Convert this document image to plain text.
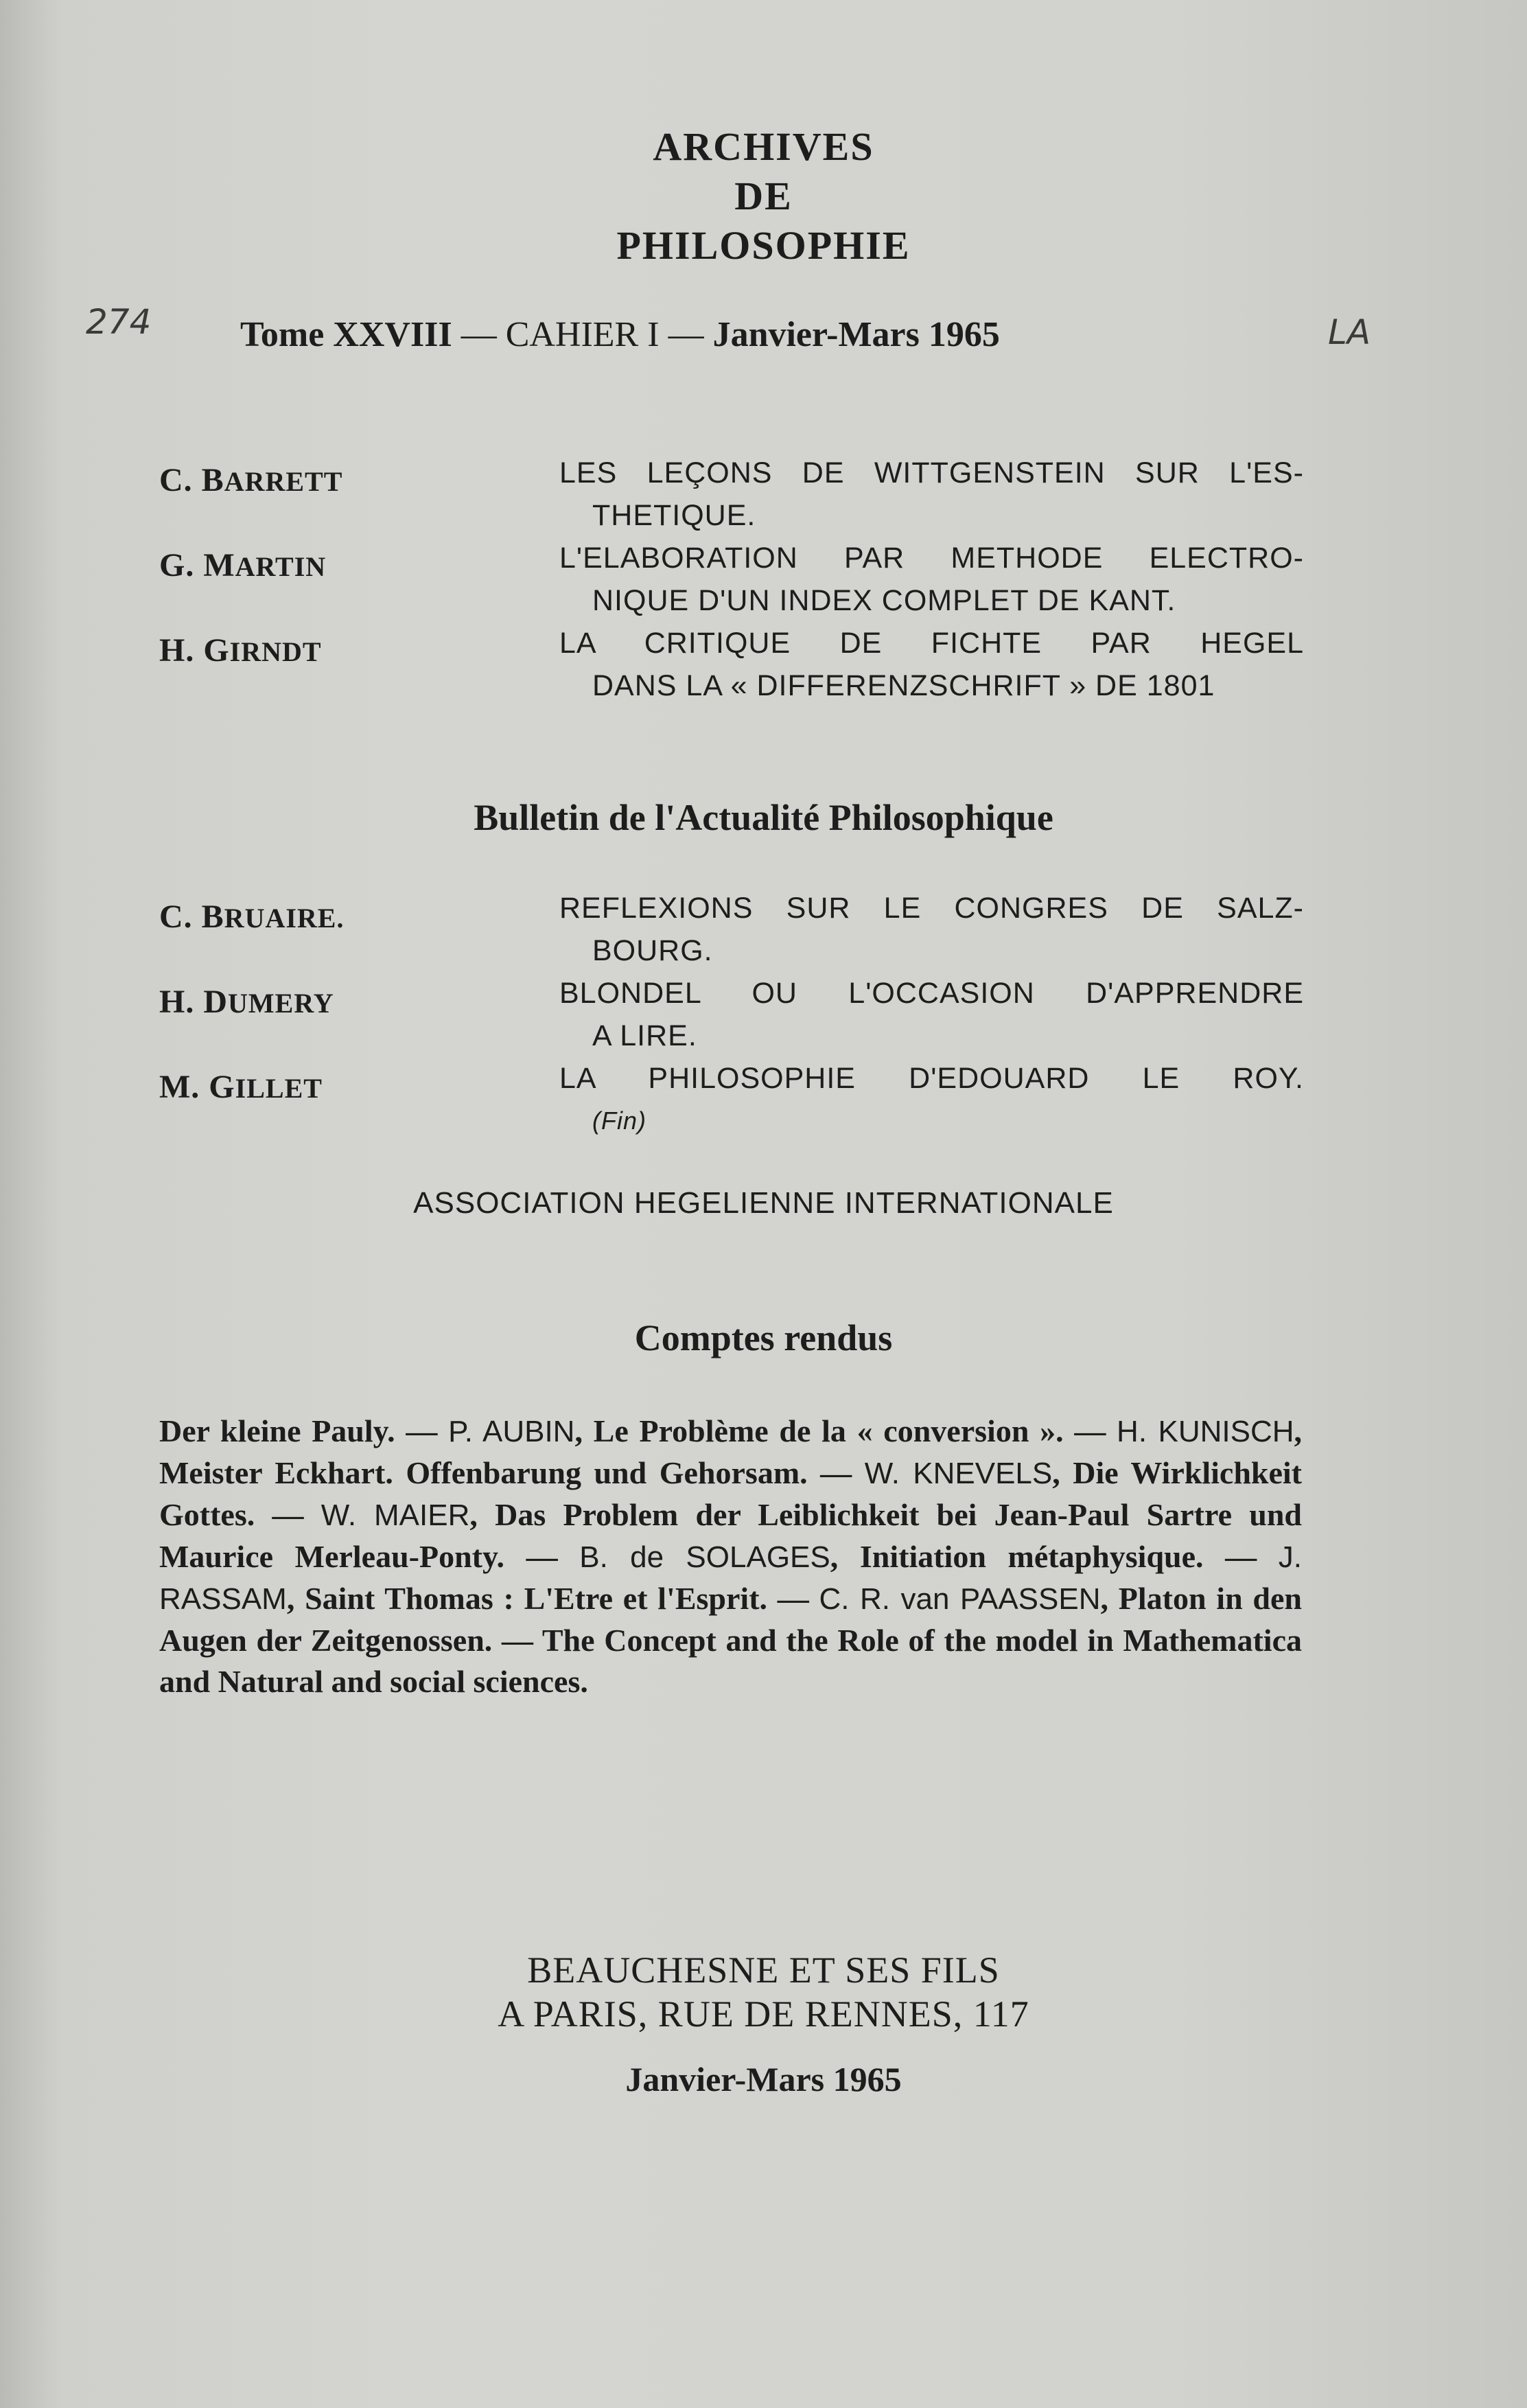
ARCHIVES
DE
PHILOSOPHIE
274	LA
Tome XXVIII — CAHIER I — Janvier-Mars 1965
C. BARRETT	LES LEÇONS DE WITTGENSTEIN SUR L'ES-
THETIQUE.
G. MARTIN	L'ELABORATION PAR METHODE ELECTRO-
NIQUE D'UN INDEX COMPLET DE KANT.
H. GIRNDT	LA CRITIQUE DE FICHTE PAR HEGEL
DANS LA « DIFFERENZSCHRIFT » DE 1801
Bulletin de l'Actualité Philosophique
C. BRUAIRE.	REFLEXIONS SUR LE CONGRES DE SALZ-
BOURG.
H. DUMERY	BLONDEL OU L'OCCASION D'APPRENDRE
A LIRE.
M. GILLET	LA PHILOSOPHIE D'EDOUARD LE ROY.
(Fin)
ASSOCIATION HEGELIENNE INTERNATIONALE
Comptes rendus
Der kleine Pauly. — P. AUBIN, Le Problème de la « conversion ». — H. KUNISCH, Meister Eckhart. Offenbarung und Gehorsam. — W. KNEVELS, Die Wirklichkeit Gottes. — W. MAIER, Das Problem der Leiblichkeit bei Jean-Paul Sartre und Maurice Merleau-Ponty. — B. de SOLAGES, Initiation métaphysique. — J. RASSAM, Saint Thomas : L'Etre et l'Esprit. — C. R. van PAASSEN, Platon in den Augen der Zeitgenossen. — The Concept and the Role of the model in Mathematica and Natural and social sciences.
BEAUCHESNE ET SES FILS
A PARIS, RUE DE RENNES, 117
Janvier-Mars 1965
